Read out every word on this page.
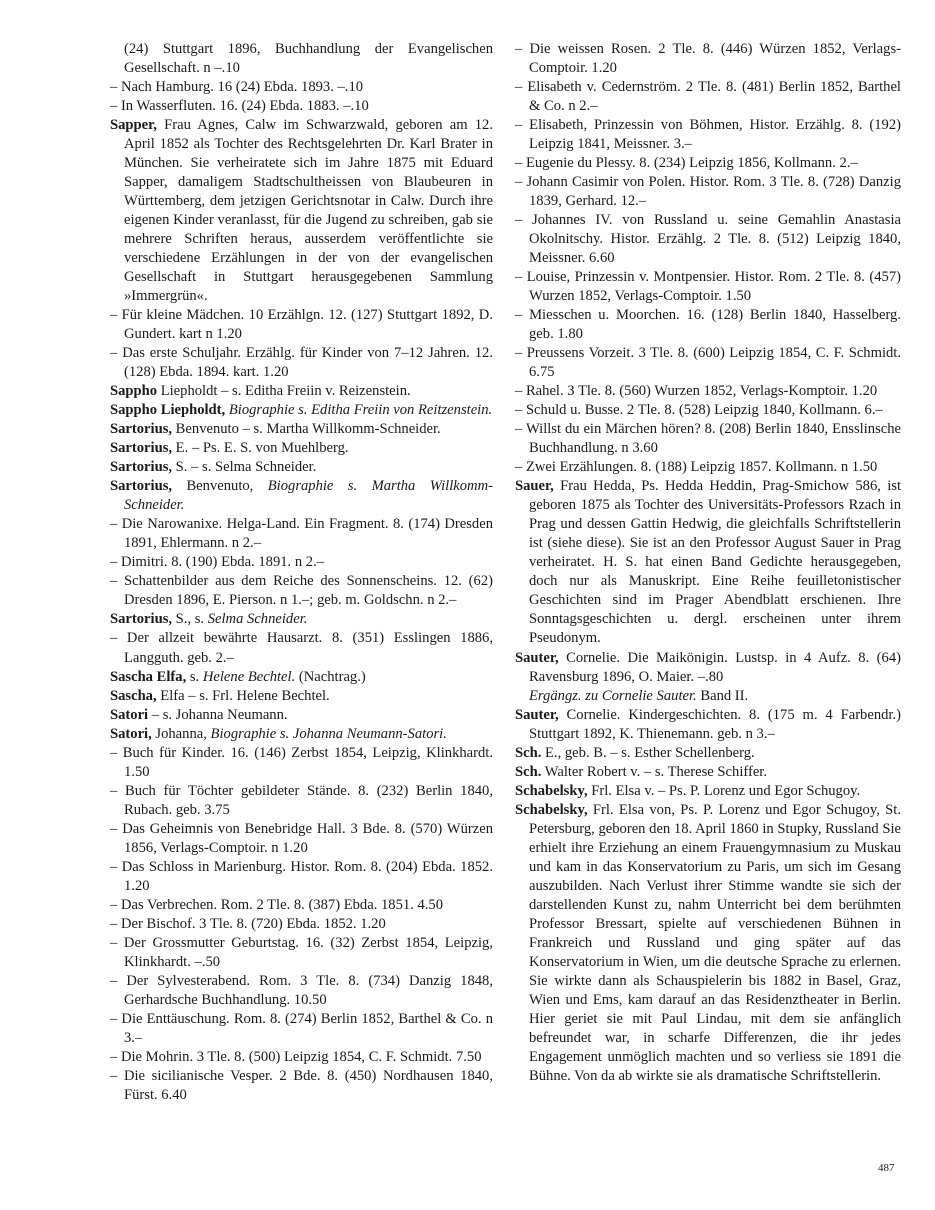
(24) Stuttgart 1896, Buchhandlung der Evangelischen Gesellschaft. n –.10
– Nach Hamburg. 16 (24) Ebda. 1893. –.10
– In Wasserfluten. 16. (24) Ebda. 1883. –.10
Sapper, Frau Agnes, Calw im Schwarzwald, geboren am 12. April 1852 als Tochter des Rechtsgelehrten Dr. Karl Brater in München. Sie verheiratete sich im Jahre 1875 mit Eduard Sapper, damaligem Stadtschultheissen von Blaubeuren in Württemberg, dem jetzigen Gerichtsnotar in Calw. Durch ihre eigenen Kinder veranlasst, für die Jugend zu schreiben, gab sie mehrere Schriften heraus, ausserdem veröffentlichte sie verschiedene Erzählungen in der von der evangelischen Gesellschaft in Stuttgart herausgegebenen Sammlung »Immergrün«.
– Für kleine Mädchen. 10 Erzählgn. 12. (127) Stuttgart 1892, D. Gundert. kart n 1.20
– Das erste Schuljahr. Erzählg. für Kinder von 7–12 Jahren. 12. (128) Ebda. 1894. kart. 1.20
Sappho Liepholdt – s. Editha Freiin v. Reizenstein.
Sappho Liepholdt, Biographie s. Editha Freiin von Reitzenstein.
Sartorius, Benvenuto – s. Martha Willkomm-Schneider.
Sartorius, E. – Ps. E. S. von Muehlberg.
Sartorius, S. – s. Selma Schneider.
Sartorius, Benvenuto, Biographie s. Martha Willkomm-Schneider.
– Die Narowanixe. Helga-Land. Ein Fragment. 8. (174) Dresden 1891, Ehlermann. n 2.–
– Dimitri. 8. (190) Ebda. 1891. n 2.–
– Schattenbilder aus dem Reiche des Sonnenscheins. 12. (62) Dresden 1896, E. Pierson. n 1.–; geb. m. Goldschn. n 2.–
Sartorius, S., s. Selma Schneider.
– Der allzeit bewährte Hausarzt. 8. (351) Esslingen 1886, Langguth. geb. 2.–
Sascha Elfa, s. Helene Bechtel. (Nachtrag.)
Sascha, Elfa – s. Frl. Helene Bechtel.
Satori – s. Johanna Neumann.
Satori, Johanna, Biographie s. Johanna Neumann-Satori.
– Buch für Kinder. 16. (146) Zerbst 1854, Leipzig, Klinkhardt. 1.50
– Buch für Töchter gebildeter Stände. 8. (232) Berlin 1840, Rubach. geb. 3.75
– Das Geheimnis von Benebridge Hall. 3 Bde. 8. (570) Würzen 1856, Verlags-Comptoir. n 1.20
– Das Schloss in Marienburg. Histor. Rom. 8. (204) Ebda. 1852. 1.20
– Das Verbrechen. Rom. 2 Tle. 8. (387) Ebda. 1851. 4.50
– Der Bischof. 3 Tle. 8. (720) Ebda. 1852. 1.20
– Der Grossmutter Geburtstag. 16. (32) Zerbst 1854, Leipzig, Klinkhardt. –.50
– Der Sylvesterabend. Rom. 3 Tle. 8. (734) Danzig 1848, Gerhardsche Buchhandlung. 10.50
– Die Enttäuschung. Rom. 8. (274) Berlin 1852, Barthel & Co. n 3.–
– Die Mohrin. 3 Tle. 8. (500) Leipzig 1854, C. F. Schmidt. 7.50
– Die sicilianische Vesper. 2 Bde. 8. (450) Nordhausen 1840, Fürst. 6.40
– Die weissen Rosen. 2 Tle. 8. (446) Würzen 1852, Verlags-Comptoir. 1.20
– Elisabeth v. Cedernström. 2 Tle. 8. (481) Berlin 1852, Barthel & Co. n 2.–
– Elisabeth, Prinzessin von Böhmen, Histor. Erzählg. 8. (192) Leipzig 1841, Meissner. 3.–
– Eugenie du Plessy. 8. (234) Leipzig 1856, Kollmann. 2.–
– Johann Casimir von Polen. Histor. Rom. 3 Tle. 8. (728) Danzig 1839, Gerhard. 12.–
– Johannes IV. von Russland u. seine Gemahlin Anastasia Okolnitschy. Histor. Erzählg. 2 Tle. 8. (512) Leipzig 1840, Meissner. 6.60
– Louise, Prinzessin v. Montpensier. Histor. Rom. 2 Tle. 8. (457) Wurzen 1852, Verlags-Comptoir. 1.50
– Miesschen u. Moorchen. 16. (128) Berlin 1840, Hasselberg. geb. 1.80
– Preussens Vorzeit. 3 Tle. 8. (600) Leipzig 1854, C. F. Schmidt. 6.75
– Rahel. 3 Tle. 8. (560) Wurzen 1852, Verlags-Komptoir. 1.20
– Schuld u. Busse. 2 Tle. 8. (528) Leipzig 1840, Kollmann. 6.–
– Willst du ein Märchen hören? 8. (208) Berlin 1840, Ensslinsche Buchhandlung. n 3.60
– Zwei Erzählungen. 8. (188) Leipzig 1857. Kollmann. n 1.50
Sauer, Frau Hedda, Ps. Hedda Heddin, Prag-Smichow 586, ist geboren 1875 als Tochter des Universitäts-Professors Rzach in Prag und dessen Gattin Hedwig, die gleichfalls Schriftstellerin ist (siehe diese). Sie ist an den Professor August Sauer in Prag verheiratet. H. S. hat einen Band Gedichte herausgegeben, doch nur als Manuskript. Eine Reihe feuilletonistischer Geschichten sind im Prager Abendblatt erschienen. Ihre Sonntagsgeschichten u. dergl. erscheinen unter ihrem Pseudonym.
Sauter, Cornelie. Die Maikönigin. Lustsp. in 4 Aufz. 8. (64) Ravensburg 1896, O. Maier. –.80
Ergängz. zu Cornelie Sauter. Band II.
Sauter, Cornelie. Kindergeschichten. 8. (175 m. 4 Farbendr.) Stuttgart 1892, K. Thienemann. geb. n 3.–
Sch. E., geb. B. – s. Esther Schellenberg.
Sch. Walter Robert v. – s. Therese Schiffer.
Schabelsky, Frl. Elsa v. – Ps. P. Lorenz und Egor Schugoy.
Schabelsky, Frl. Elsa von, Ps. P. Lorenz und Egor Schugoy, St. Petersburg, geboren den 18. April 1860 in Stupky, Russland Sie erhielt ihre Erziehung an einem Frauengymnasium zu Muskau und kam in das Konservatorium zu Paris, um sich im Gesang auszubilden. Nach Verlust ihrer Stimme wandte sie sich der darstellenden Kunst zu, nahm Unterricht bei dem berühmten Professor Bressart, spielte auf verschiedenen Bühnen in Frankreich und Russland und ging später auf das Konservatorium in Wien, um die deutsche Sprache zu erlernen. Sie wirkte dann als Schauspielerin bis 1882 in Basel, Graz, Wien und Ems, kam darauf an das Residenztheater in Berlin. Hier geriet sie mit Paul Lindau, mit dem sie anfänglich befreundet war, in scharfe Differenzen, die ihr jedes Engagement unmöglich machten und so verliess sie 1891 die Bühne. Von da ab wirkte sie als dramatische Schriftstellerin.
487
